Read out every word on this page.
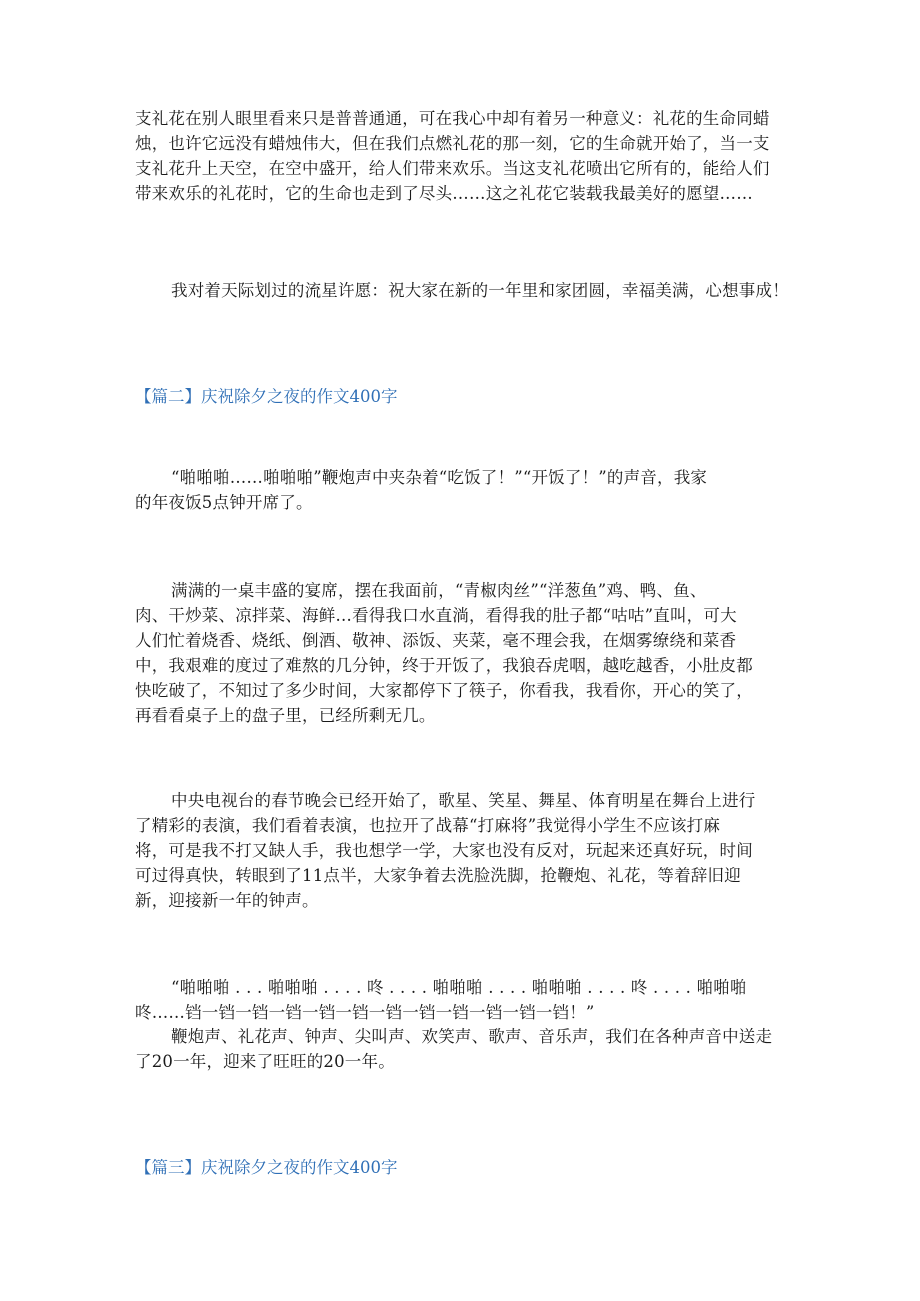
支礼花在别人眼里看来只是普普通通，可在我心中却有着另一种意义：礼花的生命同蜡
烛，也许它远没有蜡烛伟大，但在我们点燃礼花的那一刻，它的生命就开始了，当一支
支礼花升上天空，在空中盛开，给人们带来欢乐。当这支礼花喷出它所有的，能给人们
带来欢乐的礼花时，它的生命也走到了尽头……这之礼花它装载我最美好的愿望……
我对着天际划过的流星许愿：祝大家在新的一年里和家团圆，幸福美满，心想事成！

【篇二】庆祝除夕之夜的作文400字

“啪啪啪……啪啪啪”鞭炮声中夹杂着“吃饭了！”“开饭了！”的声音，我家
的年夜饭5点钟开席了。
满满的一桌丰盛的宴席，摆在我面前，“青椒肉丝”“洋葱鱼”鸡、鸭、鱼、
肉、干炒菜、凉拌菜、海鲜…看得我口水直淌，看得我的肚子都“咕咕”直叫，可大
人们忙着烧香、烧纸、倒酒、敬神、添饭、夹菜，毫不理会我，在烟雾缭绕和菜香
中，我艰难的度过了难熬的几分钟，终于开饭了，我狼吞虎咽，越吃越香，小肚皮都
快吃破了，不知过了多少时间，大家都停下了筷子，你看我，我看你，开心的笑了，
再看看桌子上的盘子里，已经所剩无几。
中央电视台的春节晚会已经开始了，歌星、笑星、舞星、体育明星在舞台上进行
了精彩的表演，我们看着表演，也拉开了战幕“打麻将”我觉得小学生不应该打麻
将，可是我不打又缺人手，我也想学一学，大家也没有反对，玩起来还真好玩，时间
可过得真快，转眼到了11点半，大家争着去洗脸洗脚，抢鞭炮、礼花，等着辞旧迎
新，迎接新一年的钟声。
“啪啪啪 . . . 啪啪啪 . . . . 咚 . . . . 啪啪啪 . . . . 啪啪啪 . . . . 咚 . . . . 啪啪啪
咚……铛一铛一铛一铛一铛一铛一铛一铛一铛一铛一铛一铛！”
鞭炮声、礼花声、钟声、尖叫声、欢笑声、歌声、音乐声，我们在各种声音中送走
了20一年，迎来了旺旺的20一年。

【篇三】庆祝除夕之夜的作文400字
